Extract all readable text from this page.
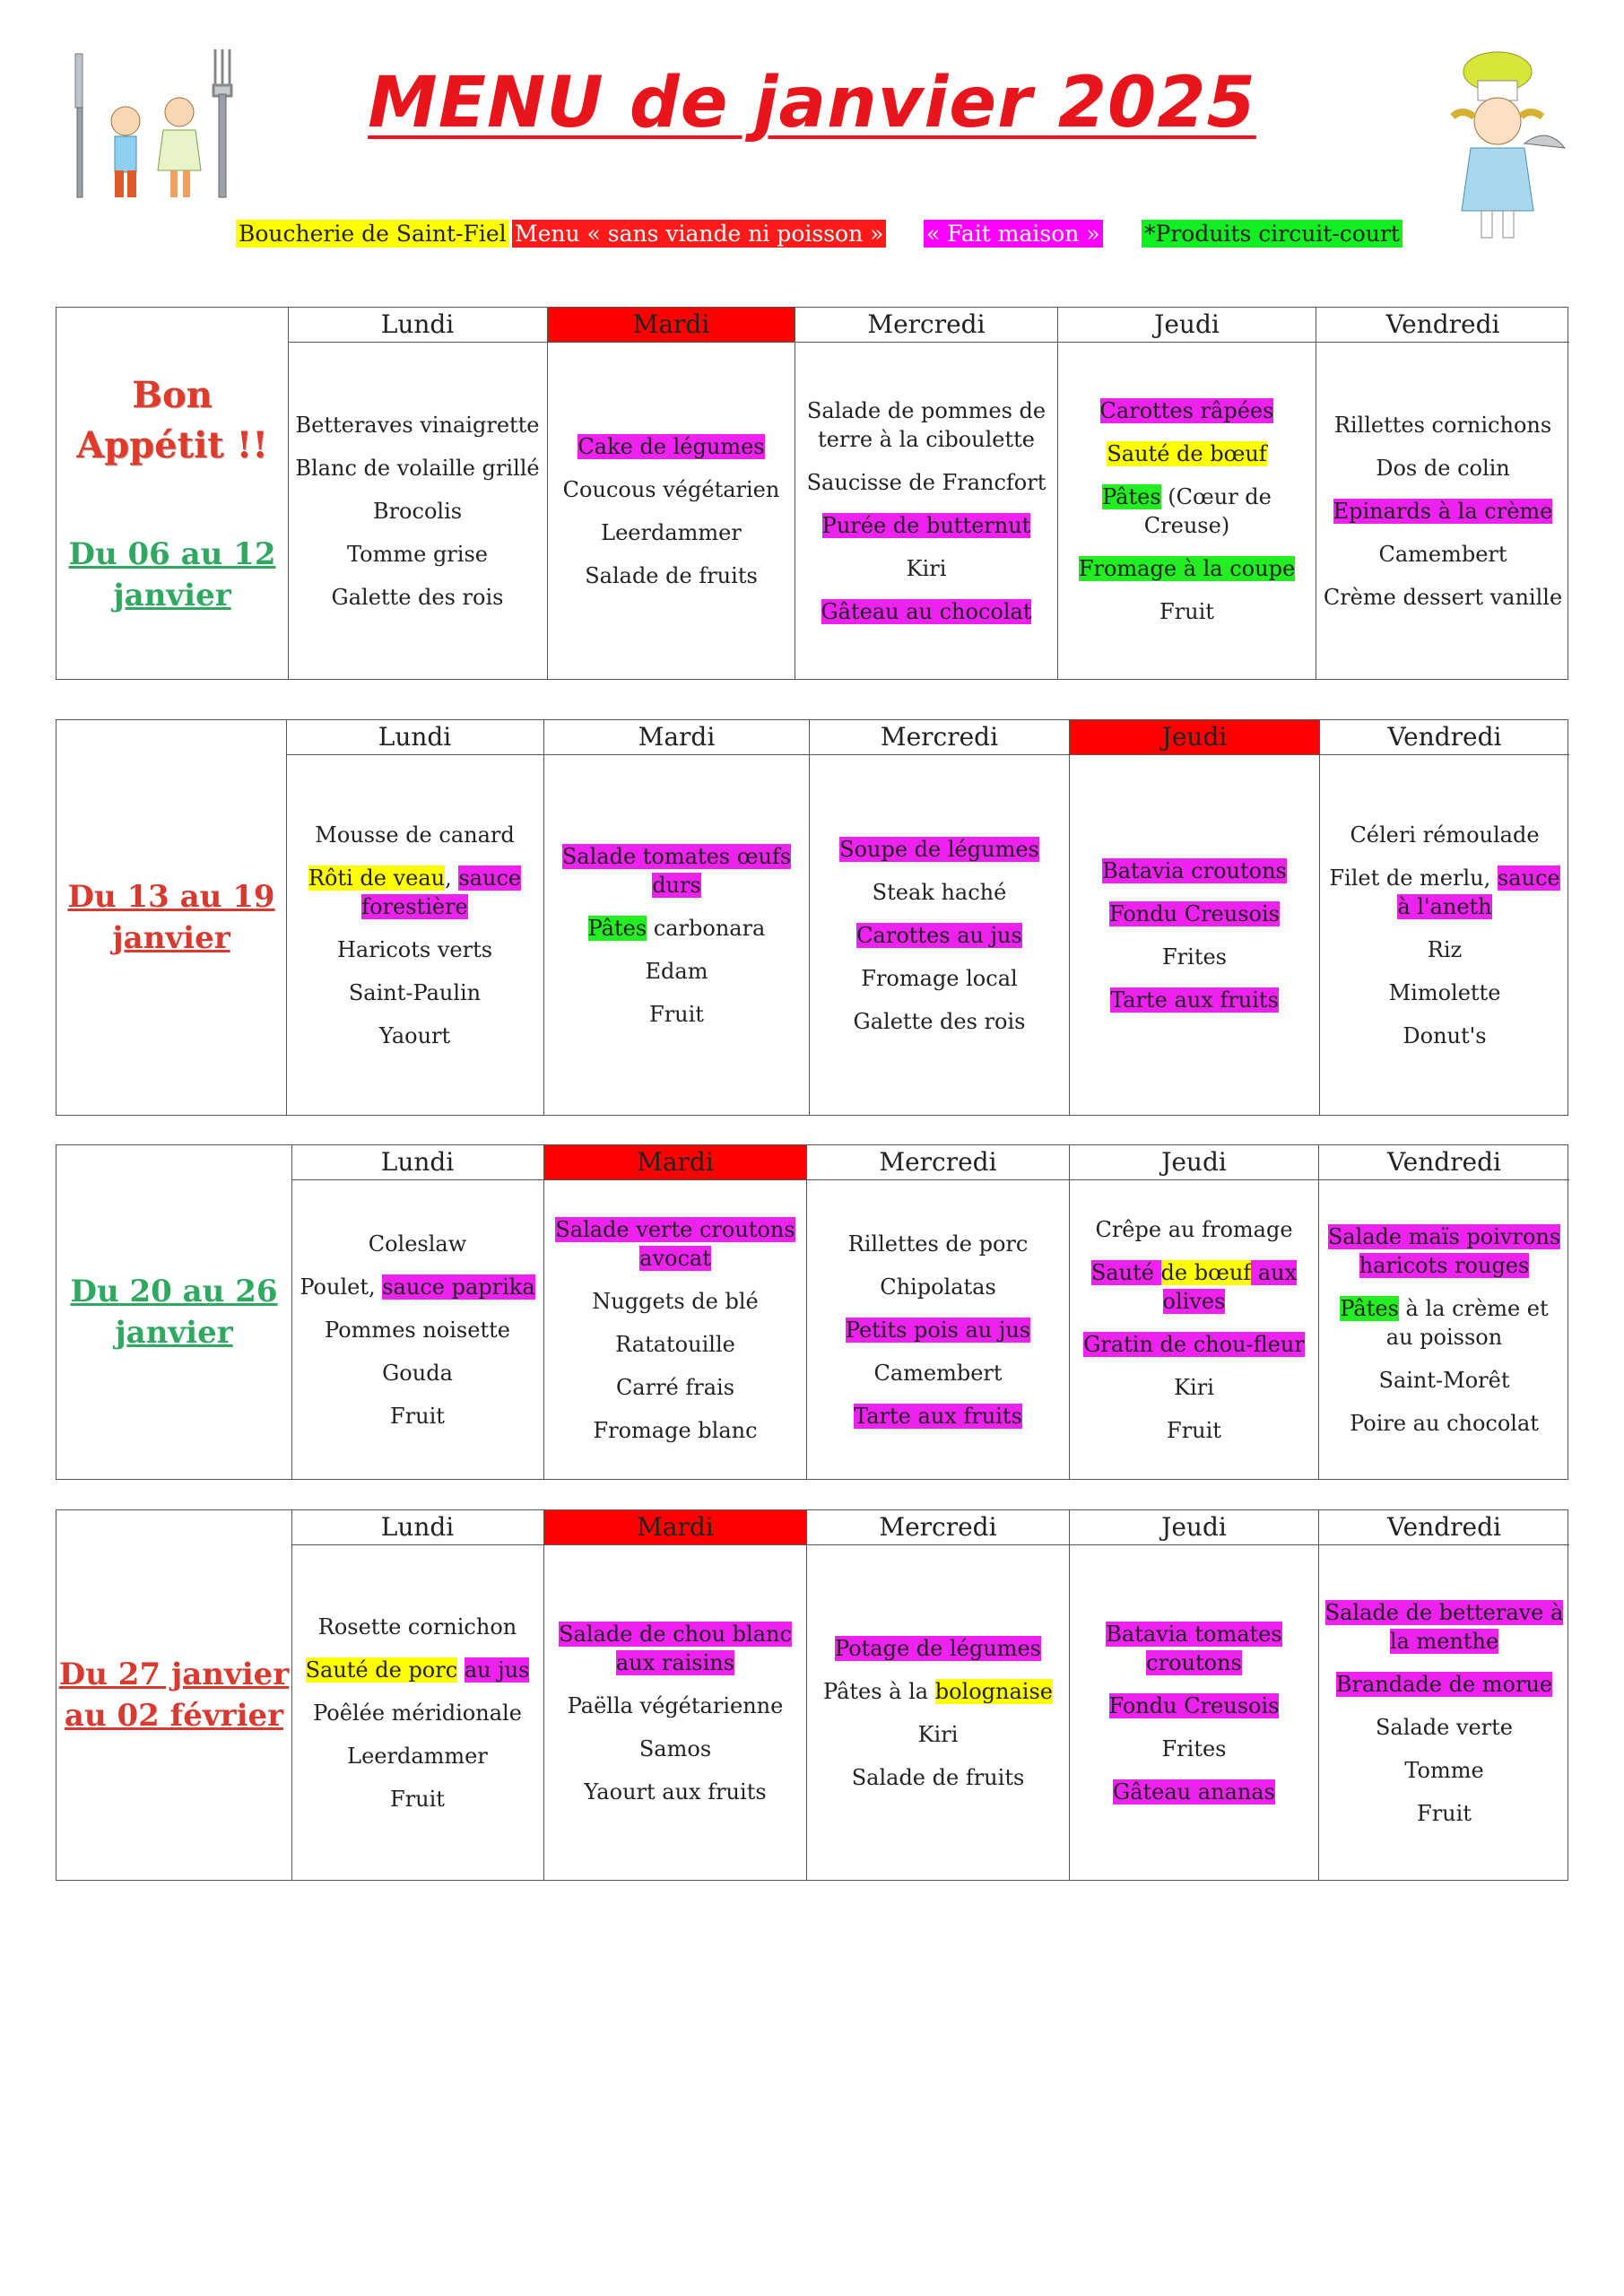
MENU de janvier 2025
Boucherie de Saint-Fiel Menu « sans viande ni poisson » « Fait maison » *Produits circuit-court
Bon
Appétit !!
Du 06 au 12
janvier
Lundi
Betteraves vinaigrette
Blanc de volaille grillé
Brocolis
Tomme grise
Galette des rois
Mardi
Cake de légumes
Coucous végétarien
Leerdammer
Salade de fruits
Mercredi
Salade de pommes de terre à la ciboulette
Saucisse de Francfort
Purée de butternut
Kiri
Gâteau au chocolat
Jeudi
Carottes râpées
Sauté de bœuf
Pâtes (Cœur de Creuse)
Fromage à la coupe
Fruit
Vendredi
Rillettes cornichons
Dos de colin
Epinards à la crème
Camembert
Crème dessert vanille
Du 13 au 19
janvier
Lundi
Mousse de canard
Rôti de veau, sauce forestière
Haricots verts
Saint-Paulin
Yaourt
Mardi
Salade tomates œufs durs
Pâtes carbonara
Edam
Fruit
Mercredi
Soupe de légumes
Steak haché
Carottes au jus
Fromage local
Galette des rois
Jeudi
Batavia croutons
Fondu Creusois
Frites
Tarte aux fruits
Vendredi
Céleri rémoulade
Filet de merlu, sauce à l'aneth
Riz
Mimolette
Donut's
Du 20 au 26
janvier
Lundi
Coleslaw
Poulet, sauce paprika
Pommes noisette
Gouda
Fruit
Mardi
Salade verte croutons avocat
Nuggets de blé
Ratatouille
Carré frais
Fromage blanc
Mercredi
Rillettes de porc
Chipolatas
Petits pois au jus
Camembert
Tarte aux fruits
Jeudi
Crêpe au fromage
Sauté de bœuf aux olives
Gratin de chou-fleur
Kiri
Fruit
Vendredi
Salade maïs poivrons haricots rouges
Pâtes à la crème et au poisson
Saint-Morêt
Poire au chocolat
Du 27 janvier
au 02 février
Lundi
Rosette cornichon
Sauté de porc au jus
Poêlée méridionale
Leerdammer
Fruit
Mardi
Salade de chou blanc aux raisins
Paëlla végétarienne
Samos
Yaourt aux fruits
Mercredi
Potage de légumes
Pâtes à la bolognaise
Kiri
Salade de fruits
Jeudi
Batavia tomates croutons
Fondu Creusois
Frites
Gâteau ananas
Vendredi
Salade de betterave à la menthe
Brandade de morue
Salade verte
Tomme
Fruit
